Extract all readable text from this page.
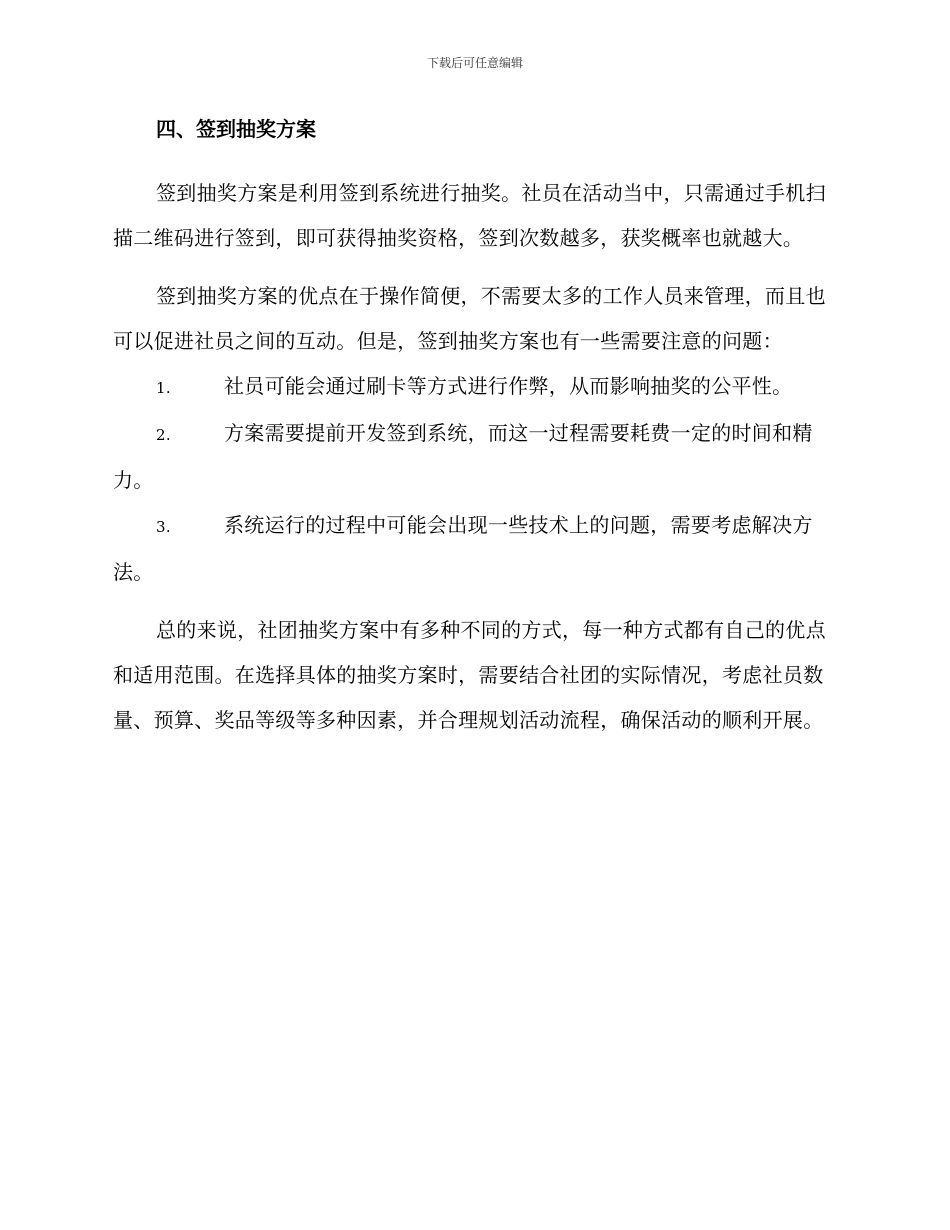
下载后可任意编辑

四、签到抽奖方案

签到抽奖方案是利用签到系统进行抽奖。社员在活动当中，只需通过手机扫描二维码进行签到，即可获得抽奖资格，签到次数越多，获奖概率也就越大。

签到抽奖方案的优点在于操作简便，不需要太多的工作人员来管理，而且也可以促进社员之间的互动。但是，签到抽奖方案也有一些需要注意的问题：

1.	社员可能会通过刷卡等方式进行作弊，从而影响抽奖的公平性。

2.	方案需要提前开发签到系统，而这一过程需要耗费一定的时间和精力。

3.	系统运行的过程中可能会出现一些技术上的问题，需要考虑解决方法。

总的来说，社团抽奖方案中有多种不同的方式，每一种方式都有自己的优点和适用范围。在选择具体的抽奖方案时，需要结合社团的实际情况，考虑社员数量、预算、奖品等级等多种因素，并合理规划活动流程，确保活动的顺利开展。
